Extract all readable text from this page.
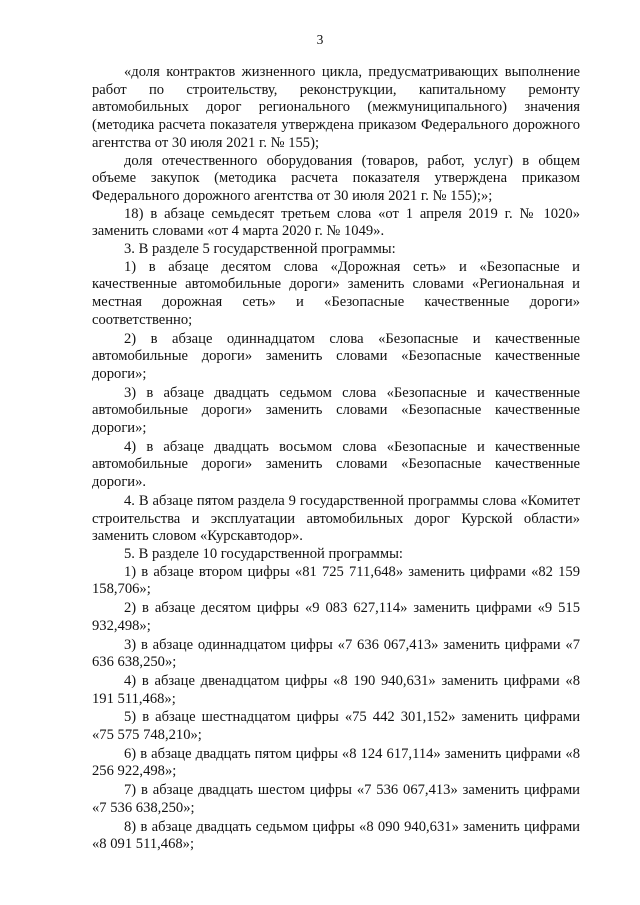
3

«доля контрактов жизненного цикла, предусматривающих выполнение работ по строительству, реконструкции, капитальному ремонту автомобильных дорог регионального (межмуниципального) значения (методика расчета показателя утверждена приказом Федерального дорожного агентства от 30 июля 2021 г. № 155);

доля отечественного оборудования (товаров, работ, услуг) в общем объеме закупок (методика расчета показателя утверждена приказом Федерального дорожного агентства от 30 июля 2021 г. № 155);»;

18) в абзаце семьдесят третьем слова «от 1 апреля 2019 г. № 1020» заменить словами «от 4 марта 2020 г. № 1049».

3. В разделе 5 государственной программы:

1) в абзаце десятом слова «Дорожная сеть» и «Безопасные и качественные автомобильные дороги» заменить словами «Региональная и местная дорожная сеть» и «Безопасные качественные дороги» соответственно;

2) в абзаце одиннадцатом слова «Безопасные и качественные автомобильные дороги» заменить словами «Безопасные качественные дороги»;

3) в абзаце двадцать седьмом слова «Безопасные и качественные автомобильные дороги» заменить словами «Безопасные качественные дороги»;

4) в абзаце двадцать восьмом слова «Безопасные и качественные автомобильные дороги» заменить словами «Безопасные качественные дороги».

4. В абзаце пятом раздела 9 государственной программы слова «Комитет строительства и эксплуатации автомобильных дорог Курской области» заменить словом «Курскавтодор».

5. В разделе 10 государственной программы:

1) в абзаце втором цифры «81 725 711,648» заменить цифрами «82 159 158,706»;

2) в абзаце десятом цифры «9 083 627,114» заменить цифрами «9 515 932,498»;

3) в абзаце одиннадцатом цифры «7 636 067,413» заменить цифрами «7 636 638,250»;

4) в абзаце двенадцатом цифры «8 190 940,631» заменить цифрами «8 191 511,468»;

5) в абзаце шестнадцатом цифры «75 442 301,152» заменить цифрами «75 575 748,210»;

6) в абзаце двадцать пятом цифры «8 124 617,114» заменить цифрами «8 256 922,498»;

7) в абзаце двадцать шестом цифры «7 536 067,413» заменить цифрами «7 536 638,250»;

8) в абзаце двадцать седьмом цифры «8 090 940,631» заменить цифрами «8 091 511,468»;
